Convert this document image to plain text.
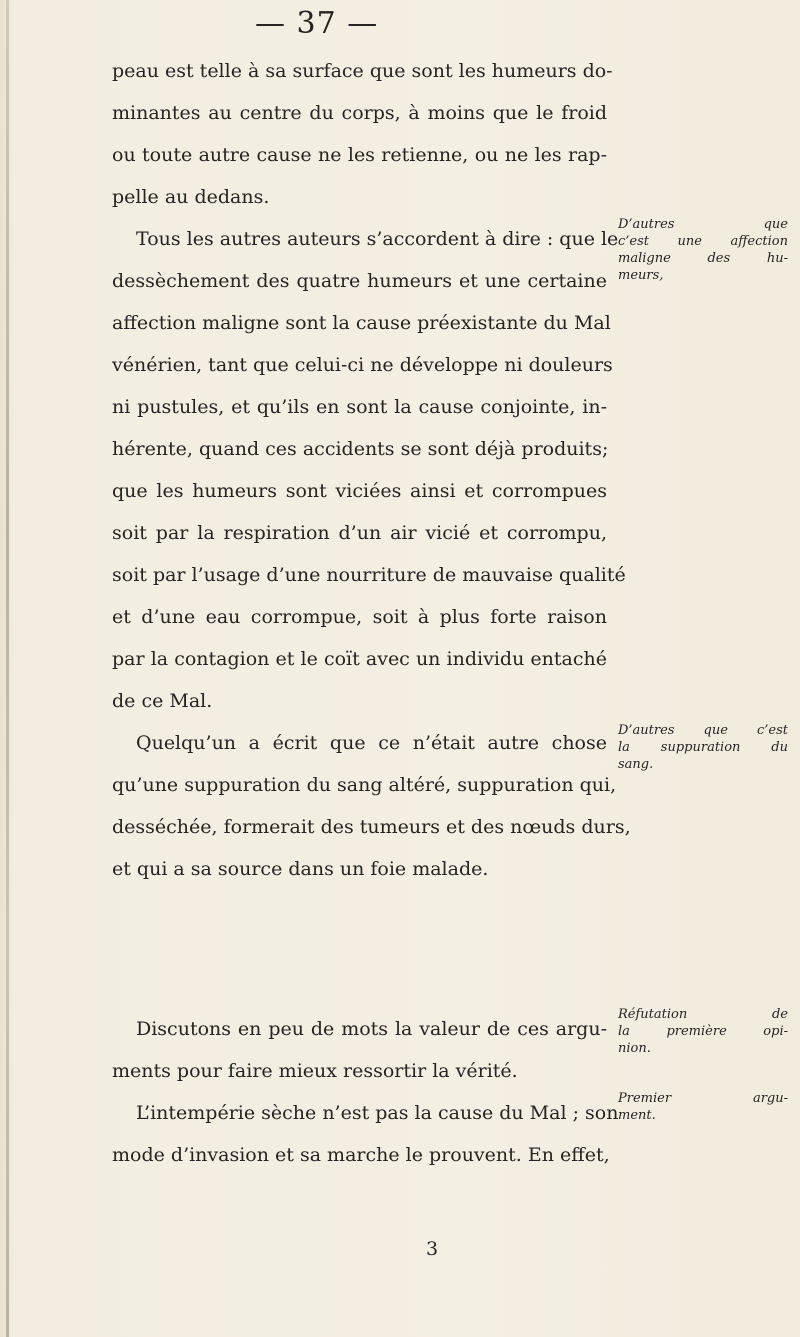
— 37 —

peau est telle à sa surface que sont les humeurs do-
minantes au centre du corps, à moins que le froid
ou toute autre cause ne les retienne, ou ne les rap-
pelle au dedans.

Tous les autres auteurs s’accordent à dire : que le
dessèchement des quatre humeurs et une certaine
affection maligne sont la cause préexistante du Mal
vénérien, tant que celui-ci ne développe ni douleurs
ni pustules, et qu’ils en sont la cause conjointe, in-
hérente, quand ces accidents se sont déjà produits;
que les humeurs sont viciées ainsi et corrompues
soit par la respiration d’un air vicié et corrompu,
soit par l’usage d’une nourriture de mauvaise qualité
et d’une eau corrompue, soit à plus forte raison
par la contagion et le coït avec un individu entaché
de ce Mal.

Quelqu’un a écrit que ce n’était autre chose
qu’une suppuration du sang altéré, suppuration qui,
desséchée, formerait des tumeurs et des nœuds durs,
et qui a sa source dans un foie malade.

Discutons en peu de mots la valeur de ces argu-
ments pour faire mieux ressortir la vérité.

L’intempérie sèche n’est pas la cause du Mal ; son
mode d’invasion et sa marche le prouvent. En effet,

D’autres que
c’est une affection
maligne des hu-
meurs,

D’autres que c’est
la suppuration du
sang.

Réfutation de
la première opi-
nion.

Premier argu-
ment.

3
